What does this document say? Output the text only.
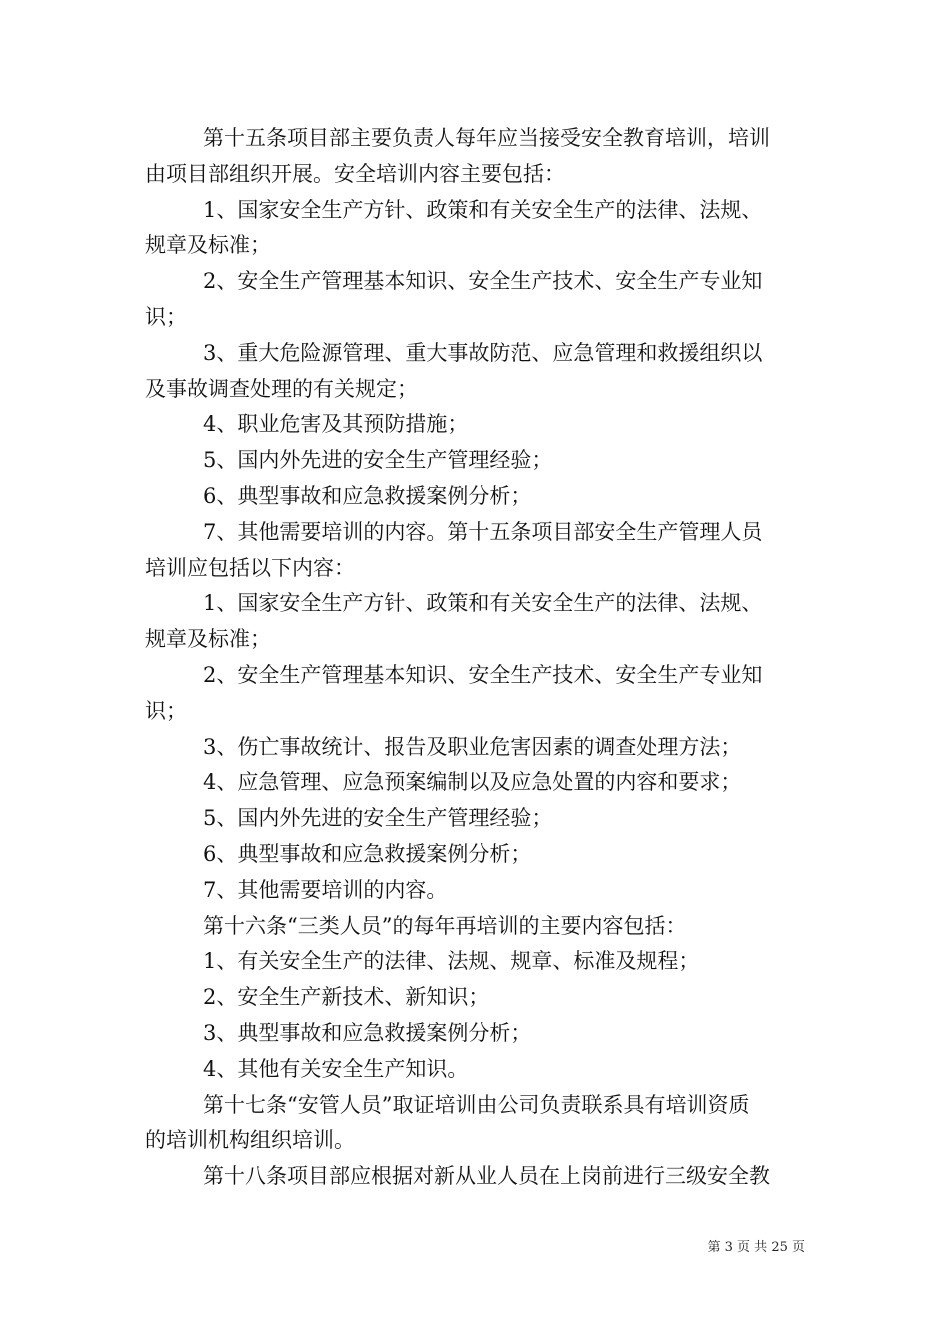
第十五条项目部主要负责人每年应当接受安全教育培训，培训
由项目部组织开展。安全培训内容主要包括：
1、国家安全生产方针、政策和有关安全生产的法律、法规、
规章及标准；
2、安全生产管理基本知识、安全生产技术、安全生产专业知
识；
3、重大危险源管理、重大事故防范、应急管理和救援组织以
及事故调查处理的有关规定；
4、职业危害及其预防措施；
5、国内外先进的安全生产管理经验；
6、典型事故和应急救援案例分析；
7、其他需要培训的内容。第十五条项目部安全生产管理人员
培训应包括以下内容：
1、国家安全生产方针、政策和有关安全生产的法律、法规、
规章及标准；
2、安全生产管理基本知识、安全生产技术、安全生产专业知
识；
3、伤亡事故统计、报告及职业危害因素的调查处理方法；
4、应急管理、应急预案编制以及应急处置的内容和要求；
5、国内外先进的安全生产管理经验；
6、典型事故和应急救援案例分析；
7、其他需要培训的内容。
第十六条“三类人员”的每年再培训的主要内容包括：
1、有关安全生产的法律、法规、规章、标准及规程；
2、安全生产新技术、新知识；
3、典型事故和应急救援案例分析；
4、其他有关安全生产知识。
第十七条“安管人员”取证培训由公司负责联系具有培训资质
的培训机构组织培训。
第十八条项目部应根据对新从业人员在上岗前进行三级安全教
第 3 页 共 25 页
